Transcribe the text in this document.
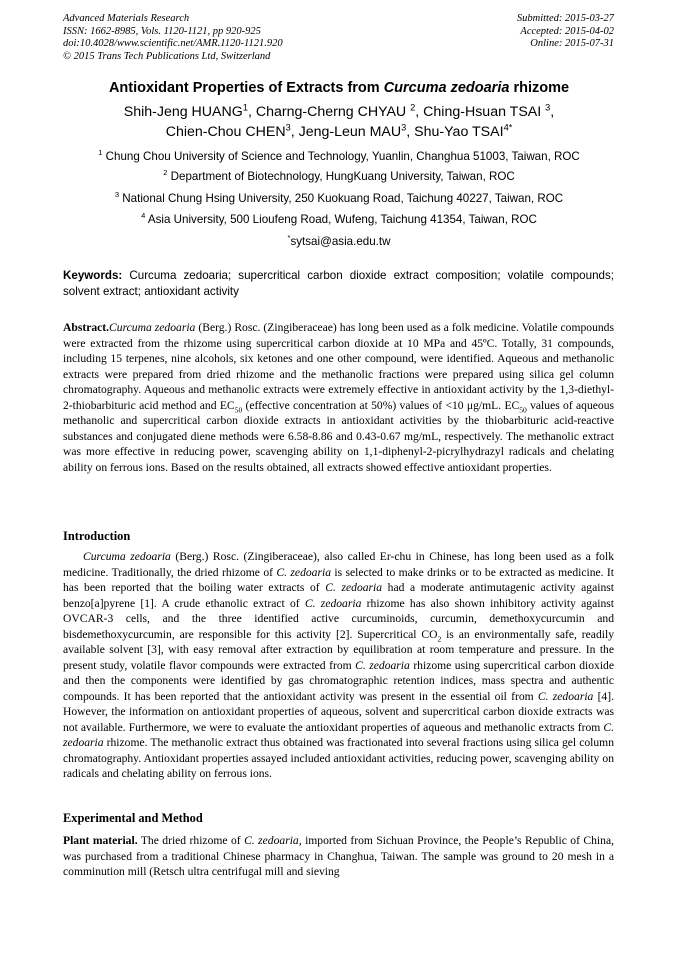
Advanced Materials Research
ISSN: 1662-8985, Vols. 1120-1121, pp 920-925
doi:10.4028/www.scientific.net/AMR.1120-1121.920
© 2015 Trans Tech Publications Ltd, Switzerland
Submitted: 2015-03-27
Accepted: 2015-04-02
Online: 2015-07-31
Antioxidant Properties of Extracts from Curcuma zedoaria rhizome
Shih-Jeng HUANG$^1$, Charng-Cherng CHYAU $^2$, Ching-Hsuan TSAI $^3$,
Chien-Chou CHEN$^3$, Jeng-Leun MAU$^3$, Shu-Yao $TSAI^{4*}$
$^1$ Chung Chou University of Science and Technology, Yuanlin, Changhua 51003, Taiwan, ROC
$^2$ Department of Biotechnology, HungKuang University, Taiwan, ROC
$^3$ National Chung Hsing University, 250 Kuokuang Road, Taichung 40227, Taiwan, ROC
$^4$ Asia University, 500 Lioufeng Road, Wufeng, Taichung 41354, Taiwan, ROC
*sytsai@asia.edu.tw
Keywords: Curcuma zedoaria; supercritical carbon dioxide extract composition; volatile compounds; solvent extract; antioxidant activity
Abstract.Curcuma zedoaria (Berg.) Rosc. (Zingiberaceae) has long been used as a folk medicine. Volatile compounds were extracted from the rhizome using supercritical carbon dioxide at 10 MPa and 45ºC. Totally, 31 compounds, including 15 terpenes, nine alcohols, six ketones and one other compound, were identified. Aqueous and methanolic extracts were prepared from dried rhizome and the methanolic fractions were prepared using silica gel column chromatography. Aqueous and methanolic extracts were extremely effective in antioxidant activity by the 1,3-diethyl-2-thiobarbituric acid method and $EC_{50}$ (effective concentration at 50%) values of <10 μg/mL. $EC_{50}$ values of aqueous methanolic and supercritical carbon dioxide extracts in antioxidant activities by the thiobarbituric acid-reactive substances and conjugated diene methods were 6.58-8.86 and 0.43-0.67 mg/mL, respectively. The methanolic extract was more effective in reducing power, scavenging ability on 1,1-diphenyl-2-picrylhydrazyl radicals and chelating ability on ferrous ions. Based on the results obtained, all extracts showed effective antioxidant properties.
Introduction
Curcuma zedoaria (Berg.) Rosc. (Zingiberaceae), also called Er-chu in Chinese, has long been used as a folk medicine. Traditionally, the dried rhizome of C. zedoaria is selected to make drinks or to be extracted as medicine. It has been reported that the boiling water extracts of C. zedoaria had a moderate antimutagenic activity against benzo[a]pyrene [1]. A crude ethanolic extract of C. zedoaria rhizome has also shown inhibitory activity against OVCAR-3 cells, and the three identified active curcuminoids, curcumin, demethoxycurcumin and bisdemethoxycurcumin, are responsible for this activity [2]. Supercritical $CO_2$ is an environmentally safe, readily available solvent [3], with easy removal after extraction by equilibration at room temperature and pressure. In the present study, volatile flavor compounds were extracted from C. zedoaria rhizome using supercritical carbon dioxide and then the components were identified by gas chromatographic retention indices, mass spectra and authentic compounds. It has been reported that the antioxidant activity was present in the essential oil from C. zedoaria [4]. However, the information on antioxidant properties of aqueous, solvent and supercritical carbon dioxide extracts was not available. Furthermore, we were to evaluate the antioxidant properties of aqueous and methanolic extracts from C. zedoaria rhizome. The methanolic extract thus obtained was fractionated into several fractions using silica gel column chromatography. Antioxidant properties assayed included antioxidant activities, reducing power, scavenging ability on radicals and chelating ability on ferrous ions.
Experimental and Method
Plant material. The dried rhizome of C. zedoaria, imported from Sichuan Province, the People’s Republic of China, was purchased from a traditional Chinese pharmacy in Changhua, Taiwan. The sample was ground to 20 mesh in a comminution mill (Retsch ultra centrifugal mill and sieving
